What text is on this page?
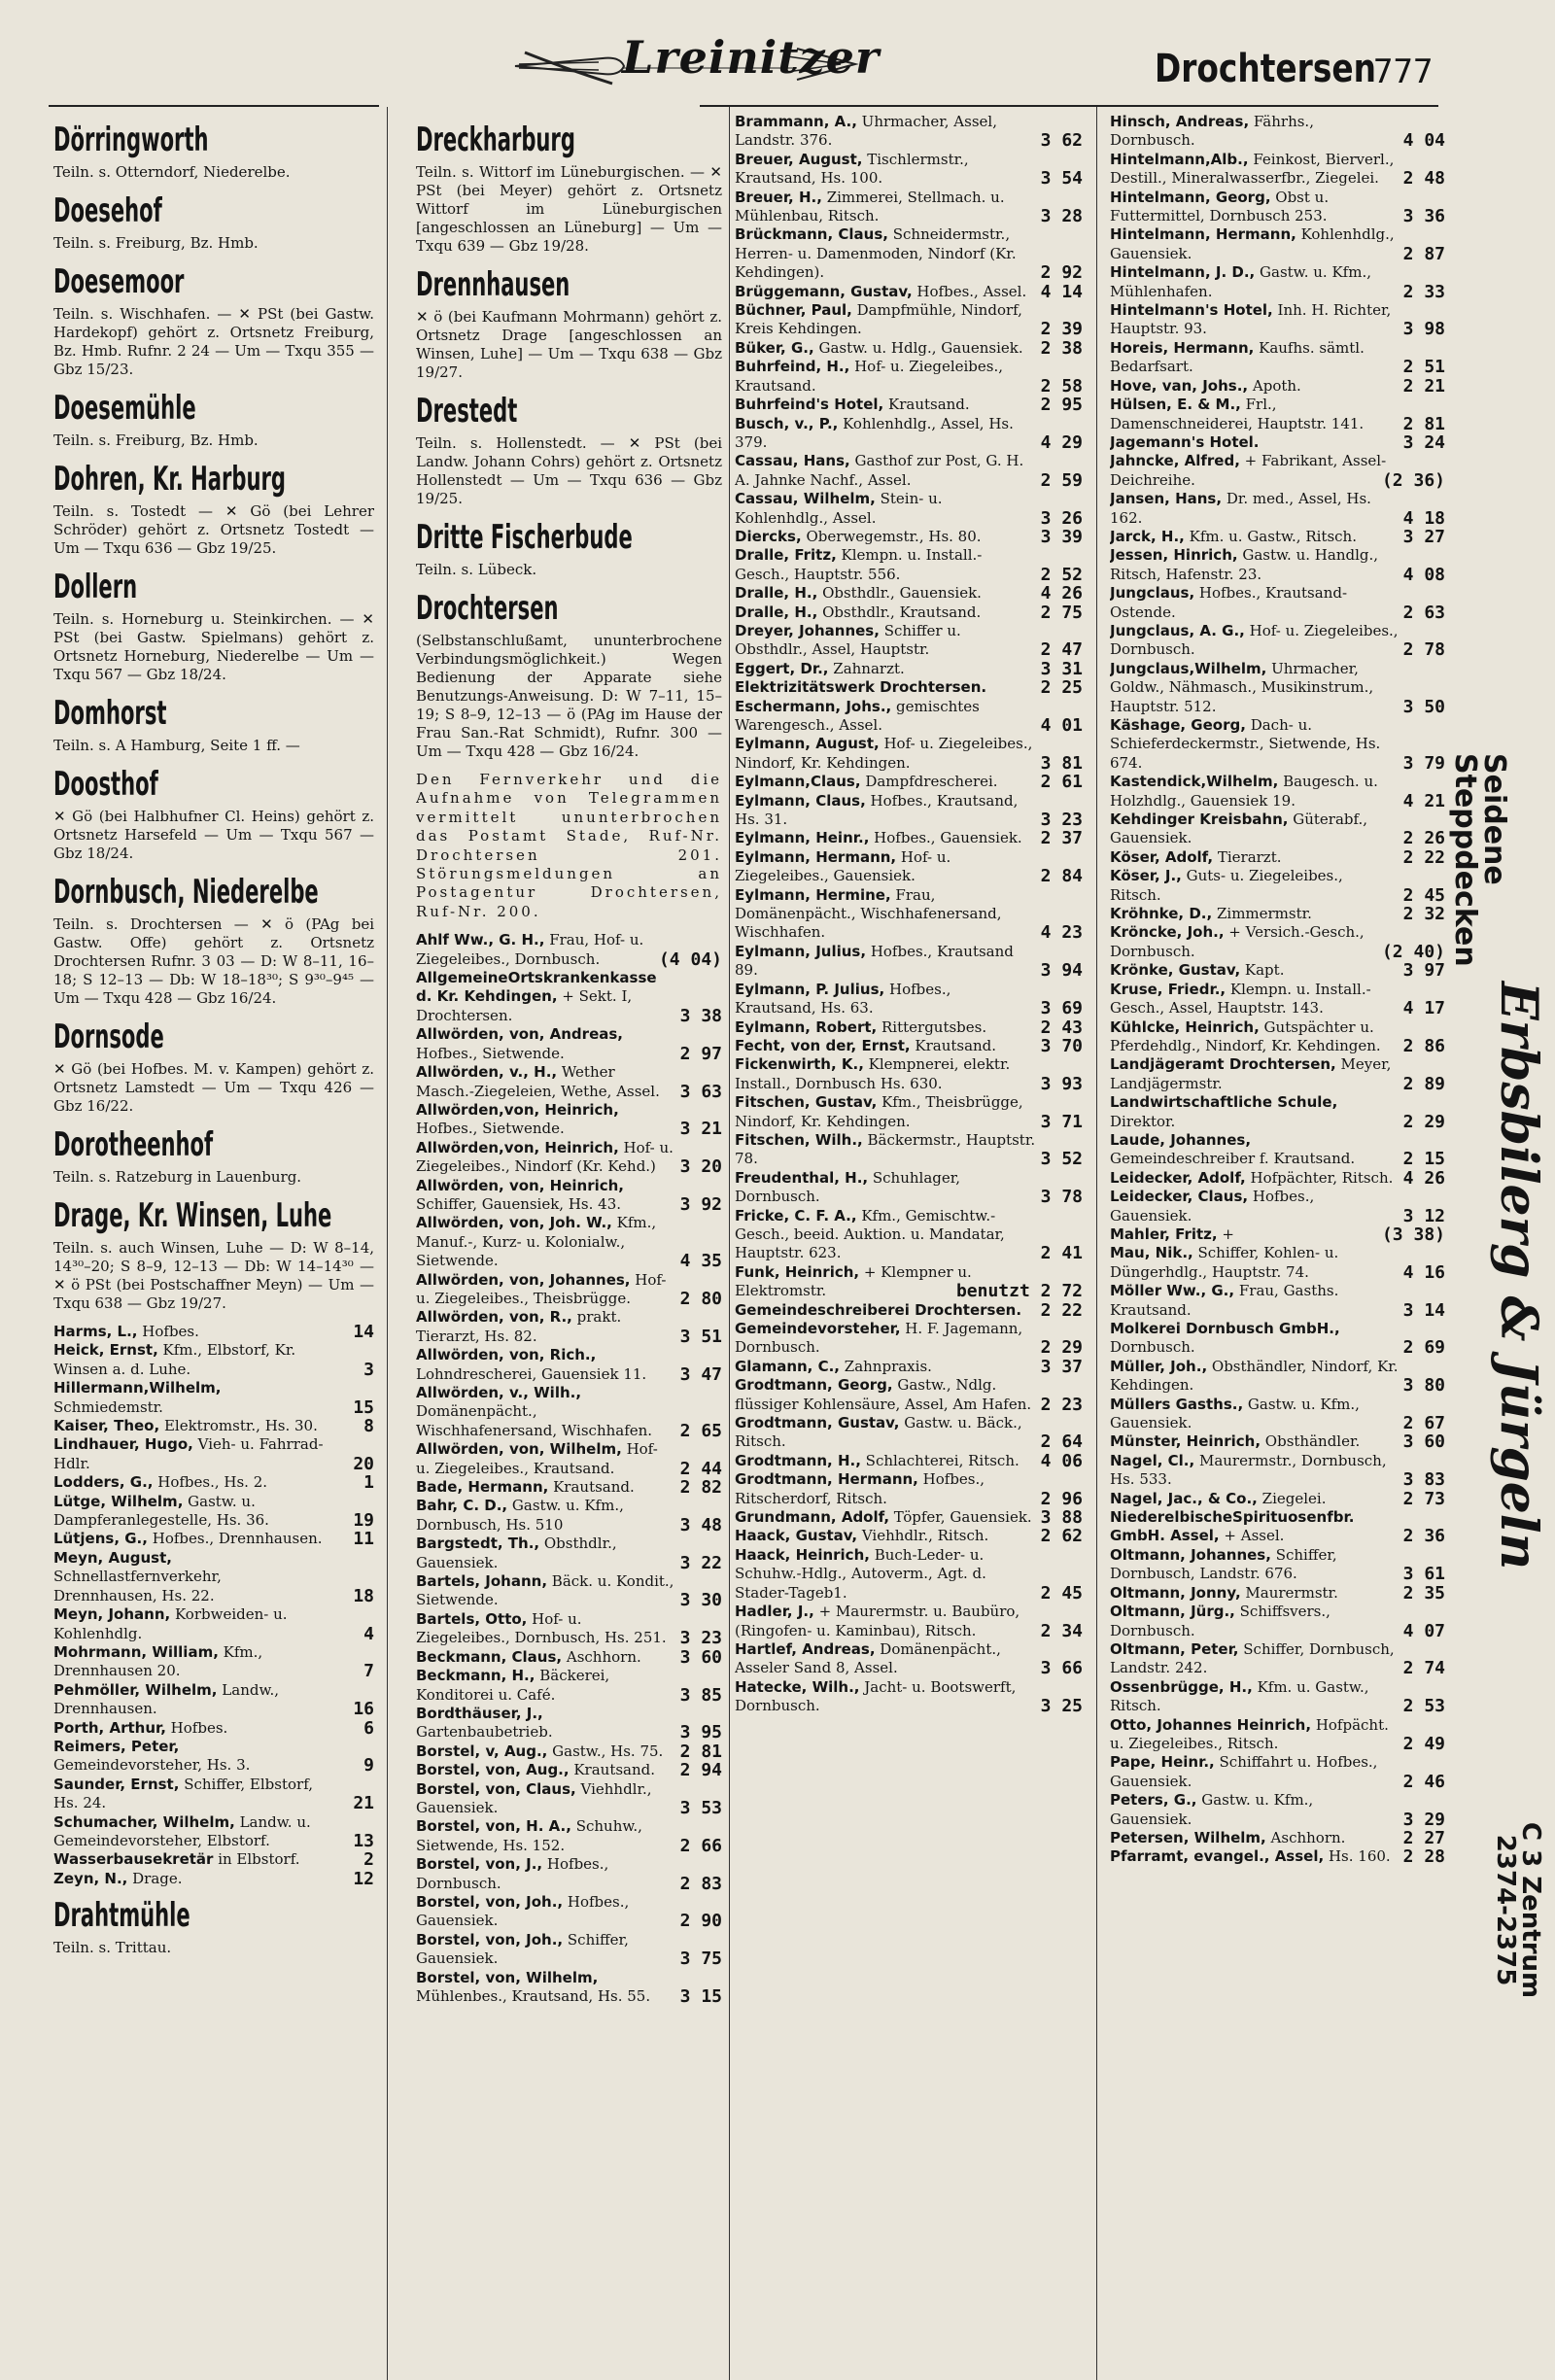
Lreinitzer	Drochtersen
777
Dörringworth
Teiln. s. Otterndorf, Niederelbe.
Doesehof
Teiln. s. Freiburg, Bz. Hmb.
Doesemoor
Teiln. s. Wischhafen. — ✕ PSt (bei Gastw. Hardekopf) gehört z. Ortsnetz Freiburg, Bz. Hmb. Rufnr. 2 24 — Um — Txqu 355 — Gbz 15/23.
Doesemühle
Teiln. s. Freiburg, Bz. Hmb.
Dohren, Kr. Harburg
Teiln. s. Tostedt — ✕ Gö (bei Lehrer Schröder) gehört z. Ortsnetz Tostedt — Um — Txqu 636 — Gbz 19/25.
Dollern
Teiln. s. Horneburg u. Steinkirchen. — ✕ PSt (bei Gastw. Spielmans) gehört z. Ortsnetz Horneburg, Niederelbe — Um — Txqu 567 — Gbz 18/24.
Domhorst
Teiln. s. A Hamburg, Seite 1 ff. —
Doosthof
✕ Gö (bei Halbhufner Cl. Heins) gehört z. Ortsnetz Harsefeld — Um — Txqu 567 — Gbz 18/24.
Dornbusch, Niederelbe
Teiln. s. Drochtersen — ✕ ö (PAg bei Gastw. Offe) gehört z. Ortsnetz Drochtersen Rufnr. 3 03 — D: W 8–11, 16–18; S 12–13 — Db: W 18–18³⁰; S 9³⁰–9⁴⁵ — Um — Txqu 428 — Gbz 16/24.
Dornsode
✕ Gö (bei Hofbes. M. v. Kampen) gehört z. Ortsnetz Lamstedt — Um — Txqu 426 — Gbz 16/22.
Dorotheenhof
Teiln. s. Ratzeburg in Lauenburg.
Drage, Kr. Winsen, Luhe
Teiln. s. auch Winsen, Luhe — D: W 8–14, 14³⁰–20; S 8–9, 12–13 — Db: W 14–14³⁰ — ✕ ö PSt (bei Postschaffner Meyn) — Um — Txqu 638 — Gbz 19/27.
Harms, L., Hofbes.	14
Heick, Ernst, Kfm., Elbstorf, Kr. Winsen a. d. Luhe.	3
Hillermann,Wilhelm, Schmiedemstr.	15
Kaiser, Theo, Elektromstr., Hs. 30.	8
Lindhauer, Hugo, Vieh- u. Fahrrad-Hdlr.	20
Lodders, G., Hofbes., Hs. 2.	1
Lütge, Wilhelm, Gastw. u. Dampferanlegestelle, Hs. 36.	19
Lütjens, G., Hofbes., Drennhausen. 11
Meyn, August, Schnellastfernverkehr, Drennhausen, Hs. 22.	18
Meyn, Johann, Korbweiden- u. Kohlenhdlg.	4
Mohrmann, William, Kfm., Drennhausen 20.	7
Pehmöller, Wilhelm, Landw., Drennhausen.	16
Porth, Arthur, Hofbes.	6
Reimers, Peter, Gemeindevorsteher, Hs. 3.	9
Saunder, Ernst, Schiffer, Elbstorf, Hs. 24.	21
Schumacher, Wilhelm, Landw. u. Gemeindevorsteher, Elbstorf.	13
Wasserbausekretär in Elbstorf.	2
Zeyn, N., Drage.	12
Drahtmühle
Teiln. s. Trittau.
Dreckharburg
Teiln. s. Wittorf im Lüneburgischen. — ✕ PSt (bei Meyer) gehört z. Ortsnetz Wittorf im Lüneburgischen [angeschlossen an Lüneburg] — Um — Txqu 639 — Gbz 19/28.
Drennhausen
✕ ö (bei Kaufmann Mohrmann) gehört z. Ortsnetz Drage [angeschlossen an Winsen, Luhe] — Um — Txqu 638 — Gbz 19/27.
Drestedt
Teiln. s. Hollenstedt. — ✕ PSt (bei Landw. Johann Cohrs) gehört z. Ortsnetz Hollenstedt — Um — Txqu 636 — Gbz 19/25.
Dritte Fischerbude
Teiln. s. Lübeck.
Drochtersen
(Selbstanschlußamt, ununterbrochene Verbindungsmöglichkeit.) Wegen Bedienung der Apparate siehe Benutzungs-Anweisung. D: W 7–11, 15–19; S 8–9, 12–13 — ö (PAg im Hause der Frau San.-Rat Schmidt), Rufnr. 300 — Um — Txqu 428 — Gbz 16/24.
Den Fernverkehr und die Aufnahme von Telegrammen vermittelt ununterbrochen das Postamt Stade, Ruf-Nr. Drochtersen 201. Störungsmeldungen an Postagentur Drochtersen, Ruf-Nr. 200.
Ahlf Ww., G. H., Frau, Hof- u. Ziegeleibes., Dornbusch.	(4 04)
AllgemeineOrtskrankenkasse d. Kr. Kehdingen, + Sekt. I, Drochtersen.	3 38
Allwörden, von, Andreas, Hofbes., Sietwende.	2 97
Allwörden, v., H., Wether Masch.-Ziegeleien, Wethe, Assel. 3 63
Allwörden,von, Heinrich, Hofbes., Sietwende.	3 21
Allwörden,von, Heinrich, Hof- u. Ziegeleibes., Nindorf (Kr. Kehd.) 3 20
Allwörden, von, Heinrich, Schiffer, Gauensiek, Hs. 43.	3 92
Allwörden, von, Joh. W., Kfm., Manuf.-, Kurz- u. Kolonialw., Sietwende.	4 35
Allwörden, von, Johannes, Hof- u. Ziegeleibes., Theisbrügge.	2 80
Allwörden, von, R., prakt. Tierarzt, Hs. 82.	3 51
Allwörden, von, Rich., Lohndrescherei, Gauensiek 11. 3 47
Allwörden, v., Wilh., Domänenpächt., Wischhafenersand, Wischhafen. 2 65
Allwörden, von, Wilhelm, Hof- u. Ziegeleibes., Krautsand.	2 44
Bade, Hermann, Krautsand.	2 82
Bahr, C. D., Gastw. u. Kfm., Dornbusch, Hs. 510	3 48
Bargstedt, Th., Obsthdlr., Gauensiek.	3 22
Bartels, Johann, Bäck. u. Kondit., Sietwende.	3 30
Bartels, Otto, Hof- u. Ziegeleibes., Dornbusch, Hs. 251. 3 23
Beckmann, Claus, Aschhorn. 3 60
Beckmann, H., Bäckerei, Konditorei u. Café.	3 85
Bordthäuser, J., Gartenbaubetrieb.	3 95
Borstel, v, Aug., Gastw., Hs. 75. 2 81
Borstel, von, Aug., Krautsand. 2 94
Borstel, von, Claus, Viehhdlr., Gauensiek.	3 53
Borstel, von, H. A., Schuhw., Sietwende, Hs. 152.	2 66
Borstel, von, J., Hofbes., Dornbusch.	2 83
Borstel, von, Joh., Hofbes., Gauensiek.	2 90
Borstel, von, Joh., Schiffer, Gauensiek.	3 75
Borstel, von, Wilhelm, Mühlenbes., Krautsand, Hs. 55. 3 15
Brammann, A., Uhrmacher, Assel, Landstr. 376.	3 62
Breuer, August, Tischlermstr., Krautsand, Hs. 100.	3 54
Breuer, H., Zimmerei, Stellmach. u. Mühlenbau, Ritsch.	3 28
Brückmann, Claus, Schneidermstr., Herren- u. Damenmoden, Nindorf (Kr. Kehdingen).	2 92
Brüggemann, Gustav, Hofbes., Assel. 4 14
Büchner, Paul, Dampfmühle, Nindorf, Kreis Kehdingen.	2 39
Büker, G., Gastw. u. Hdlg., Gauensiek. 2 38
Buhrfeind, H., Hof- u. Ziegeleibes., Krautsand.	2 58
Buhrfeind's Hotel, Krautsand.	2 95
Busch, v., P., Kohlenhdlg., Assel, Hs. 379.	4 29
Cassau, Hans, Gasthof zur Post, G. H. A. Jahnke Nachf., Assel.	2 59
Cassau, Wilhelm, Stein- u. Kohlenhdlg., Assel.	3 26
Diercks, Oberwegemstr., Hs. 80.	3 39
Dralle, Fritz, Klempn. u. Install.-Gesch., Hauptstr. 556.	2 52
Dralle, H., Obsthdlr., Gauensiek.	4 26
Dralle, H., Obsthdlr., Krautsand.	2 75
Dreyer, Johannes, Schiffer u. Obsthdlr., Assel, Hauptstr.	2 47
Eggert, Dr., Zahnarzt.	3 31
Elektrizitätswerk Drochtersen.	2 25
Eschermann, Johs., gemischtes Warengesch., Assel.	4 01
Eylmann, August, Hof- u. Ziegeleibes., Nindorf, Kr. Kehdingen.	3 81
Eylmann,Claus, Dampfdrescherei. 2 61
Eylmann, Claus, Hofbes., Krautsand, Hs. 31.	3 23
Eylmann, Heinr., Hofbes., Gauensiek. 2 37
Eylmann, Hermann, Hof- u. Ziegeleibes., Gauensiek.	2 84
Eylmann, Hermine, Frau, Domänenpächt., Wischhafenersand, Wischhafen.	4 23
Eylmann, Julius, Hofbes., Krautsand 89.	3 94
Eylmann, P. Julius, Hofbes., Krautsand, Hs. 63.	3 69
Eylmann, Robert, Rittergutsbes.	2 43
Fecht, von der, Ernst, Krautsand.	3 70
Fickenwirth, K., Klempnerei, elektr. Install., Dornbusch Hs. 630.	3 93
Fitschen, Gustav, Kfm., Theisbrügge, Nindorf, Kr. Kehdingen.	3 71
Fitschen, Wilh., Bäckermstr., Hauptstr. 78.	3 52
Freudenthal, H., Schuhlager, Dornbusch.	3 78
Fricke, C. F. A., Kfm., Gemischtw.-Gesch., beeid. Auktion. u. Mandatar, Hauptstr. 623.	2 41
Funk, Heinrich, + Klempner u. Elektromstr.	benutzt 2 72
Gemeindeschreiberei Drochtersen. 2 22
Gemeindevorsteher, H. F. Jagemann, Dornbusch.	2 29
Glamann, C., Zahnpraxis.	3 37
Grodtmann, Georg, Gastw., Ndlg. flüssiger Kohlensäure, Assel, Am Hafen. 2 23
Grodtmann, Gustav, Gastw. u. Bäck., Ritsch.	2 64
Grodtmann, H., Schlachterei, Ritsch. 4 06
Grodtmann, Hermann, Hofbes., Ritscherdorf, Ritsch.	2 96
Grundmann, Adolf, Töpfer, Gauensiek. 3 88
Haack, Gustav, Viehhdlr., Ritsch.	2 62
Haack, Heinrich, Buch-Leder- u. Schuhw.-Hdlg., Autoverm., Agt. d. Stader-Tageb1.	2 45
Hadler, J., + Maurermstr. u. Baubüro, (Ringofen- u. Kaminbau), Ritsch.	2 34
Hartlef, Andreas, Domänenpächt., Asseler Sand 8, Assel.	3 66
Hatecke, Wilh., Jacht- u. Bootswerft, Dornbusch.	3 25
Hinsch, Andreas, Fährhs., Dornbusch.	4 04
Hintelmann,Alb., Feinkost, Bierverl., Destill., Mineralwasserfbr., Ziegelei. 2 48
Hintelmann, Georg, Obst u. Futtermittel, Dornbusch 253.	3 36
Hintelmann, Hermann, Kohlenhdlg., Gauensiek.	2 87
Hintelmann, J. D., Gastw. u. Kfm., Mühlenhafen.	2 33
Hintelmann's Hotel, Inh. H. Richter, Hauptstr. 93.	3 98
Horeis, Hermann, Kaufhs. sämtl. Bedarfsart.	2 51
Hove, van, Johs., Apoth.	2 21
Hülsen, E. & M., Frl., Damenschneiderei, Hauptstr. 141. 2 81
Jagemann's Hotel.	3 24
Jahncke, Alfred, + Fabrikant, Assel-Deichreihe.	(2 36)
Jansen, Hans, Dr. med., Assel, Hs. 162.	4 18
Jarck, H., Kfm. u. Gastw., Ritsch.	3 27
Jessen, Hinrich, Gastw. u. Handlg., Ritsch, Hafenstr. 23.	4 08
Jungclaus, Hofbes., Krautsand-Ostende.	2 63
Jungclaus, A. G., Hof- u. Ziegeleibes., Dornbusch.	2 78
Jungclaus,Wilhelm, Uhrmacher, Goldw., Nähmasch., Musikinstrum., Hauptstr. 512.	3 50
Käshage, Georg, Dach- u. Schieferdeckermstr., Sietwende, Hs. 674.	3 79
Kastendick,Wilhelm, Baugesch. u. Holzhdlg., Gauensiek 19.	4 21
Kehdinger Kreisbahn, Güterabf., Gauensiek.	2 26
Köser, Adolf, Tierarzt.	2 22
Köser, J., Guts- u. Ziegeleibes., Ritsch.	2 45
Kröhnke, D., Zimmermstr.	2 32
Kröncke, Joh., + Versich.-Gesch., Dornbusch.	(2 40)
Krönke, Gustav, Kapt.	3 97
Kruse, Friedr., Klempn. u. Install.-Gesch., Assel, Hauptstr. 143.	4 17
Kühlcke, Heinrich, Gutspächter u. Pferdehdlg., Nindorf, Kr. Kehdingen. 2 86
Landjägeramt Drochtersen, Meyer, Landjägermstr.	2 89
Landwirtschaftliche Schule, Direktor.	2 29
Laude, Johannes, Gemeindeschreiber f. Krautsand.	2 15
Leidecker, Adolf, Hofpächter, Ritsch. 4 26
Leidecker, Claus, Hofbes., Gauensiek.	3 12
Mahler, Fritz, +	(3 38)
Mau, Nik., Schiffer, Kohlen- u. Düngerhdlg., Hauptstr. 74.	4 16
Möller Ww., G., Frau, Gasths. Krautsand.	3 14
Molkerei Dornbusch GmbH., Dornbusch.	2 69
Müller, Joh., Obsthändler, Nindorf, Kr. Kehdingen.	3 80
Müllers Gasths., Gastw. u. Kfm., Gauensiek.	2 67
Münster, Heinrich, Obsthändler. 3 60
Nagel, Cl., Maurermstr., Dornbusch, Hs. 533.	3 83
Nagel, Jac., & Co., Ziegelei.	2 73
NiederelbischeSpirituosenfbr. GmbH. Assel, + Assel.	2 36
Oltmann, Johannes, Schiffer, Dornbusch, Landstr. 676.	3 61
Oltmann, Jonny, Maurermstr.	2 35
Oltmann, Jürg., Schiffsvers., Dornbusch.	4 07
Oltmann, Peter, Schiffer, Dornbusch, Landstr. 242.	2 74
Ossenbrügge, H., Kfm. u. Gastw., Ritsch.	2 53
Otto, Johannes Heinrich, Hofpächt. u. Ziegeleibes., Ritsch.	2 49
Pape, Heinr., Schiffahrt u. Hofbes., Gauensiek.	2 46
Peters, G., Gastw. u. Kfm., Gauensiek.	3 29
Petersen, Wilhelm, Aschhorn.	2 27
Pfarramt, evangel., Assel, Hs. 160. 2 28
Seidene
Steppdecken
Erbsbilerg & Jürgeln
C 3 Zentrum
2374-2375
